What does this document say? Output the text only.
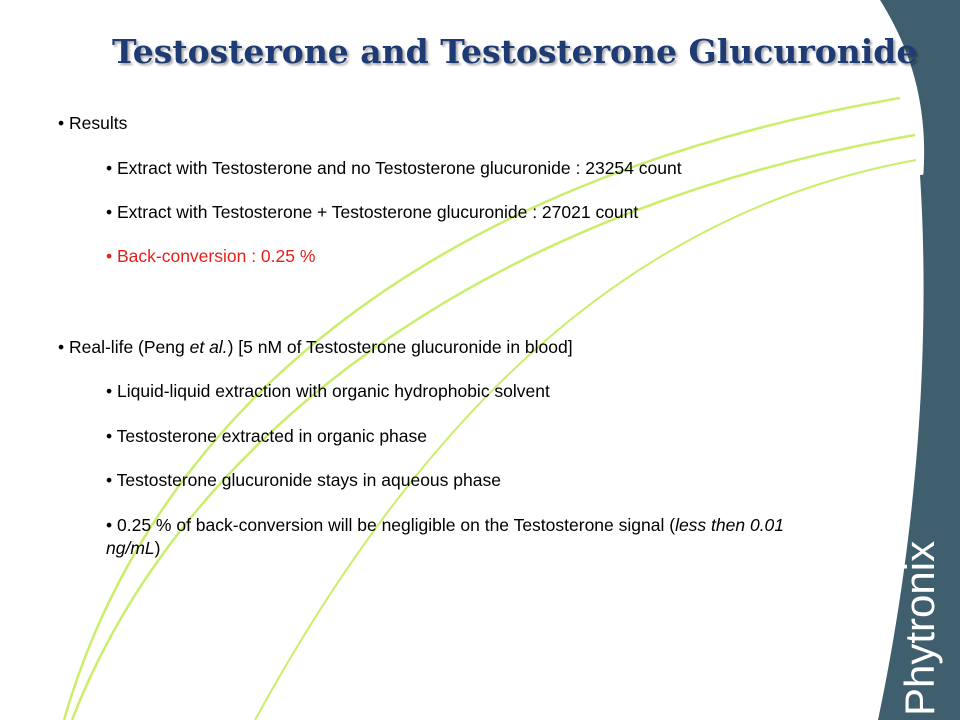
Testosterone and Testosterone Glucuronide
• Results
• Extract with Testosterone and no Testosterone glucuronide : 23254 count
• Extract with Testosterone + Testosterone glucuronide : 27021 count
• Back-conversion : 0.25 %
• Real-life (Peng et al.) [5 nM of Testosterone glucuronide in blood]
• Liquid-liquid extraction with organic hydrophobic solvent
• Testosterone extracted in organic phase
• Testosterone glucuronide stays in aqueous phase
• 0.25 % of back-conversion will be negligible on the Testosterone signal (less then 0.01 ng/mL)	Phytronix
